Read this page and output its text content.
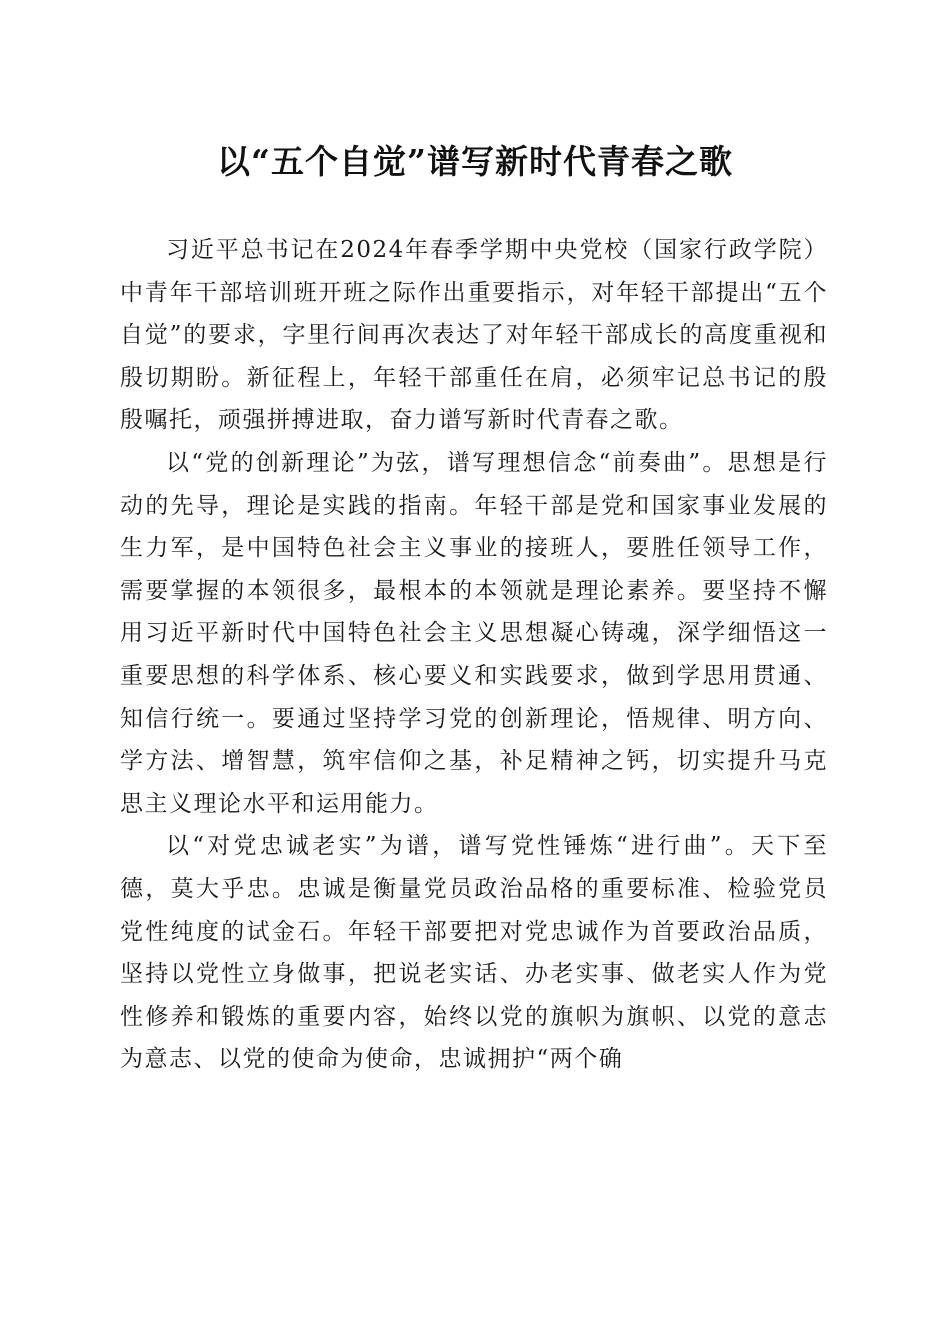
以“五个自觉”谱写新时代青春之歌

习近平总书记在2024年春季学期中央党校（国家行政学院）中青年干部培训班开班之际作出重要指示，对年轻干部提出“五个自觉”的要求，字里行间再次表达了对年轻干部成长的高度重视和殷切期盼。新征程上，年轻干部重任在肩，必须牢记总书记的殷殷嘱托，顽强拼搏进取，奋力谱写新时代青春之歌。

以“党的创新理论”为弦，谱写理想信念“前奏曲”。思想是行动的先导，理论是实践的指南。年轻干部是党和国家事业发展的生力军，是中国特色社会主义事业的接班人，要胜任领导工作，需要掌握的本领很多，最根本的本领就是理论素养。要坚持不懈用习近平新时代中国特色社会主义思想凝心铸魂，深学细悟这一重要思想的科学体系、核心要义和实践要求，做到学思用贯通、知信行统一。要通过坚持学习党的创新理论，悟规律、明方向、学方法、增智慧，筑牢信仰之基，补足精神之钙，切实提升马克思主义理论水平和运用能力。

以“对党忠诚老实”为谱，谱写党性锤炼“进行曲”。天下至德，莫大乎忠。忠诚是衡量党员政治品格的重要标准、检验党员党性纯度的试金石。年轻干部要把对党忠诚作为首要政治品质，坚持以党性立身做事，把说老实话、办老实事、做老实人作为党性修养和锻炼的重要内容，始终以党的旗帜为旗帜、以党的意志为意志、以党的使命为使命，忠诚拥护“两个确
